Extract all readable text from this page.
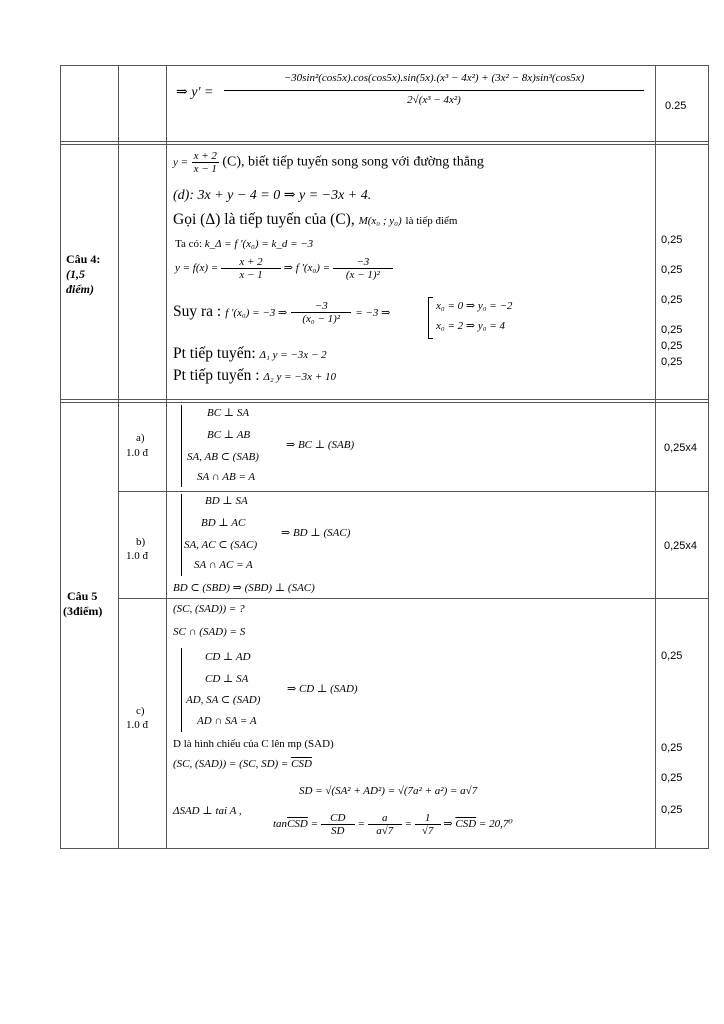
⇒ y' =
−30sin²(cos5x).cos(cos5x).sin(5x).(x³ − 4x²) + (3x² − 8x)sin³(cos5x)
2√(x³ − 4x²)	0.25
Câu 4:
(1,5
điểm)
$y = \frac{x + 2}{x - 1} (C)$, biết tiếp tuyến song song với đường thẳng
(d): 3x + y − 4 = 0 ⇒ y = −3x + 4.
Gọi (Δ) là tiếp tuyến của (C), M(x₀ ; y₀) là tiếp điểm
Ta có: k_Δ = f '(x₀) = k_d = −3
$y = f(x) = \frac{x + 2}{x - 1}$ ⇒ f '$(x_0) = \frac{-3}{\text{(x − 1)²}}$
Suy ra : f '(x₀) = −3 ⇒ $\frac{-3}{\text{(x₀ − 1)²}} = -3$ ⇒
x₀ = 0 ⇒ y₀ = −2
x₀ = 2 ⇒ y₀ = 4
Pt tiếp tuyến: Δ₁ y = −3x − 2
Pt tiếp tuyến : Δ₂ y = −3x + 10
0,25
0,25
0,25
0,25
0,25
0,25
Câu 5
(3điểm)
a)
1.0 đ
BC ⊥ SA
BC ⊥ AB
SA, AB ⊂ (SAB)
SA ∩ AB = A
⇒ BC ⊥ (SAB)	0,25x4
b)
1.0 đ
BD ⊥ SA
BD ⊥ AC
SA, AC ⊂ (SAC)
SA ∩ AC = A
⇒ BD ⊥ (SAC)
BD ⊂ (SBD) ⇒ (SBD) ⊥ (SAC)
0,25x4
c)
1.0 đ
(SC, (SAD)) = ?
SC ∩ (SAD) = S
CD ⊥ AD
CD ⊥ SA
AD, SA ⊂ (SAD)
AD ∩ SA = A
⇒ CD ⊥ (SAD)
D là hình chiếu của C lên mp (SAD)
(SC, (SAD)) = (SC, $SD) = \overline{CSD}$
SD = √(SA² + AD²) = √(7a² + a²) = a√7
ΔSAD ⊥ tai A ,
$\tan\overline{CSD} = \frac{CD}{SD} = \frac{a}{a√7} = \frac{1}{√7}$ ⇒ $\overline{CSD} = 20,7^0$
0,25
0,25
0,25
0,25
